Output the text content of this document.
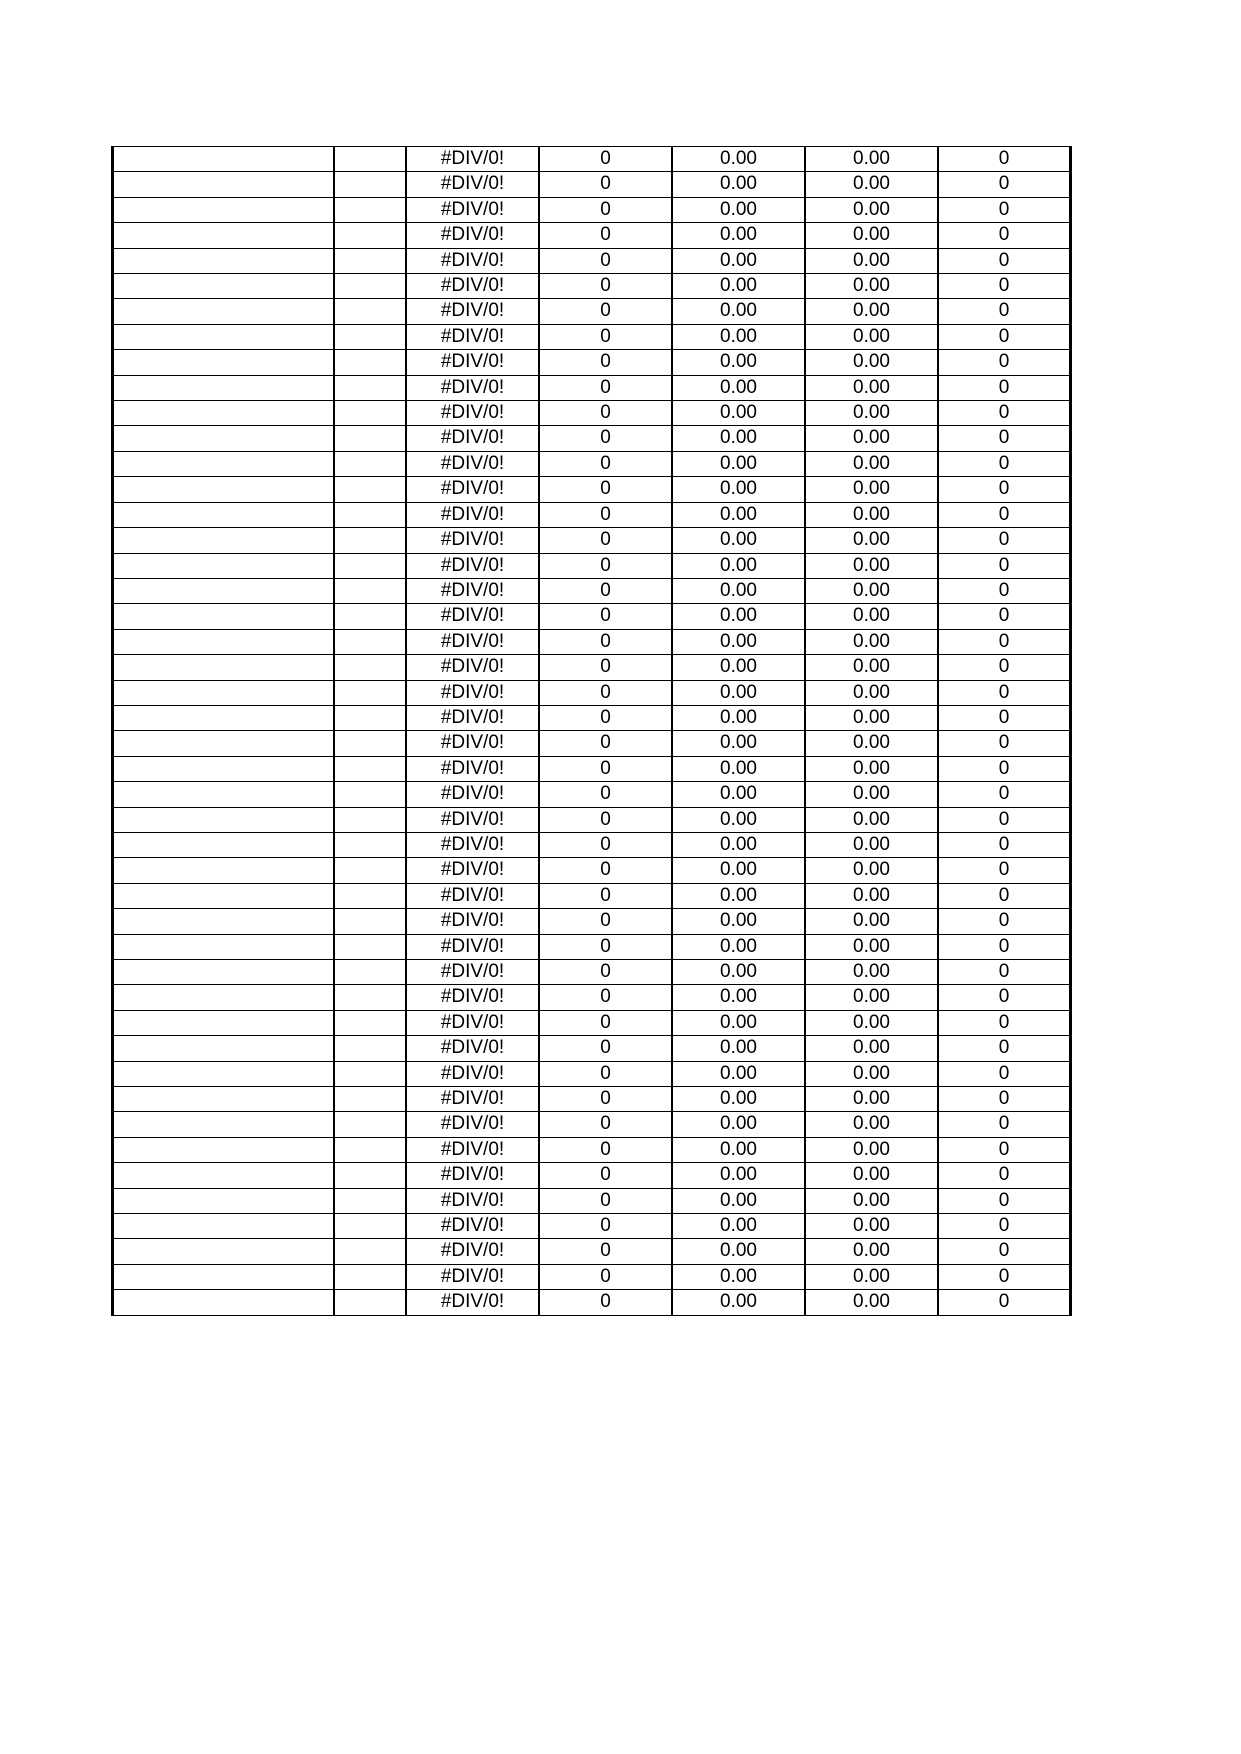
		#DIV/0!	0	0.00	0.00	0
		#DIV/0!	0	0.00	0.00	0
		#DIV/0!	0	0.00	0.00	0
		#DIV/0!	0	0.00	0.00	0
		#DIV/0!	0	0.00	0.00	0
		#DIV/0!	0	0.00	0.00	0
		#DIV/0!	0	0.00	0.00	0
		#DIV/0!	0	0.00	0.00	0
		#DIV/0!	0	0.00	0.00	0
		#DIV/0!	0	0.00	0.00	0
		#DIV/0!	0	0.00	0.00	0
		#DIV/0!	0	0.00	0.00	0
		#DIV/0!	0	0.00	0.00	0
		#DIV/0!	0	0.00	0.00	0
		#DIV/0!	0	0.00	0.00	0
		#DIV/0!	0	0.00	0.00	0
		#DIV/0!	0	0.00	0.00	0
		#DIV/0!	0	0.00	0.00	0
		#DIV/0!	0	0.00	0.00	0
		#DIV/0!	0	0.00	0.00	0
		#DIV/0!	0	0.00	0.00	0
		#DIV/0!	0	0.00	0.00	0
		#DIV/0!	0	0.00	0.00	0
		#DIV/0!	0	0.00	0.00	0
		#DIV/0!	0	0.00	0.00	0
		#DIV/0!	0	0.00	0.00	0
		#DIV/0!	0	0.00	0.00	0
		#DIV/0!	0	0.00	0.00	0
		#DIV/0!	0	0.00	0.00	0
		#DIV/0!	0	0.00	0.00	0
		#DIV/0!	0	0.00	0.00	0
		#DIV/0!	0	0.00	0.00	0
		#DIV/0!	0	0.00	0.00	0
		#DIV/0!	0	0.00	0.00	0
		#DIV/0!	0	0.00	0.00	0
		#DIV/0!	0	0.00	0.00	0
		#DIV/0!	0	0.00	0.00	0
		#DIV/0!	0	0.00	0.00	0
		#DIV/0!	0	0.00	0.00	0
		#DIV/0!	0	0.00	0.00	0
		#DIV/0!	0	0.00	0.00	0
		#DIV/0!	0	0.00	0.00	0
		#DIV/0!	0	0.00	0.00	0
		#DIV/0!	0	0.00	0.00	0
		#DIV/0!	0	0.00	0.00	0
		#DIV/0!	0	0.00	0.00	0
